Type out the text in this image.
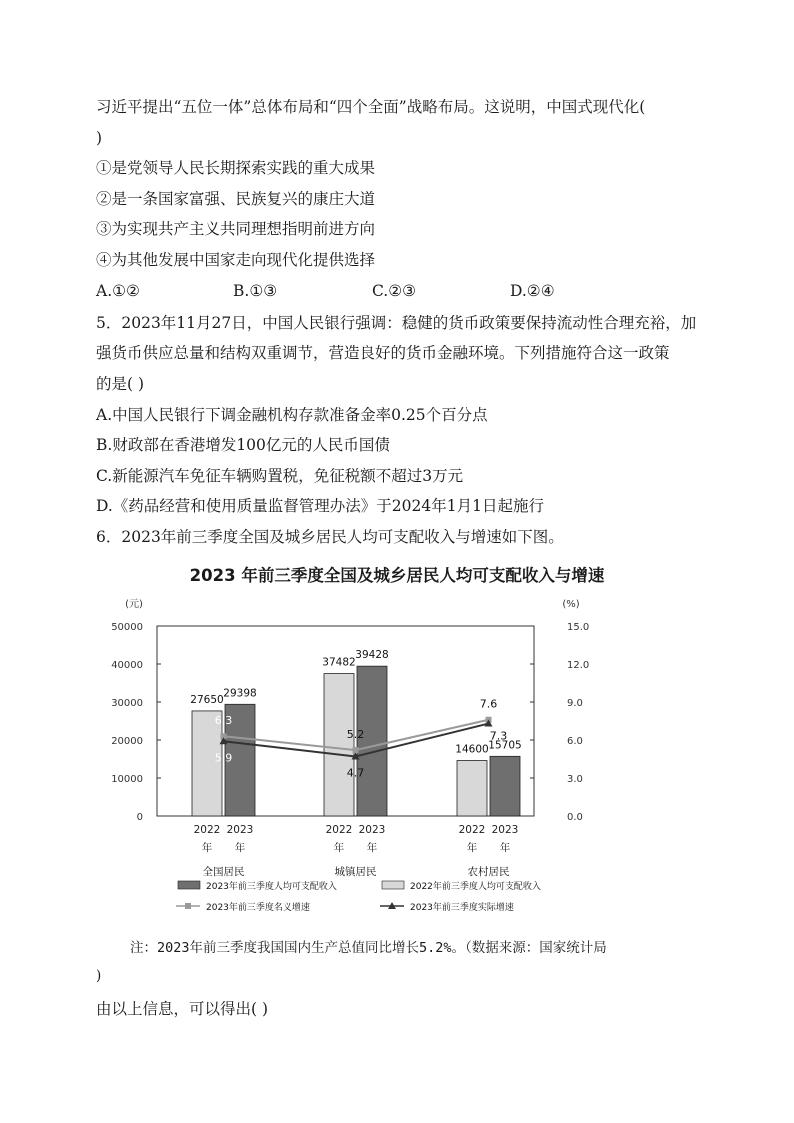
习近平提出“五位一体”总体布局和“四个全面”战略布局。这说明，中国式现代化(
)
①是党领导人民长期探索实践的重大成果
②是一条国家富强、民族复兴的康庄大道
③为实现共产主义共同理想指明前进方向
④为其他发展中国家走向现代化提供选择
A.①②	B.①③	C.②③	D.②④
5．2023年11月27日，中国人民银行强调：稳健的货币政策要保持流动性合理充裕，加
强货币供应总量和结构双重调节，营造良好的货币金融环境。下列措施符合这一政策
的是( )
A.中国人民银行下调金融机构存款准备金率0.25个百分点
B.财政部在香港增发100亿元的人民币国债
C.新能源汽车免征车辆购置税，免征税额不超过3万元
D.《药品经营和使用质量监督管理办法》于2024年1月1日起施行
6．2023年前三季度全国及城乡居民人均可支配收入与增速如下图。
2023 年前三季度全国及城乡居民人均可支配收入与增速
(元)	(%)
50000
40000
30000
20000
10000
0
15.0
12.0
9.0
6.0
3.0
0.0
27650
37482
14600
29398
39428
15705
6.3
5.2
7.6
5.9
4.7
7.3
2022
年
2023
年
全国居民
2022
年
2023
年
城镇居民
2022
年
2023
年
农村居民
2023年前三季度人均可支配收入	2022年前三季度人均可支配收入
2023年前三季度名义增速	2023年前三季度实际增速
注：2023年前三季度我国国内生产总值同比增长5.2%。（数据来源：国家统计局
)
由以上信息，可以得出( )
